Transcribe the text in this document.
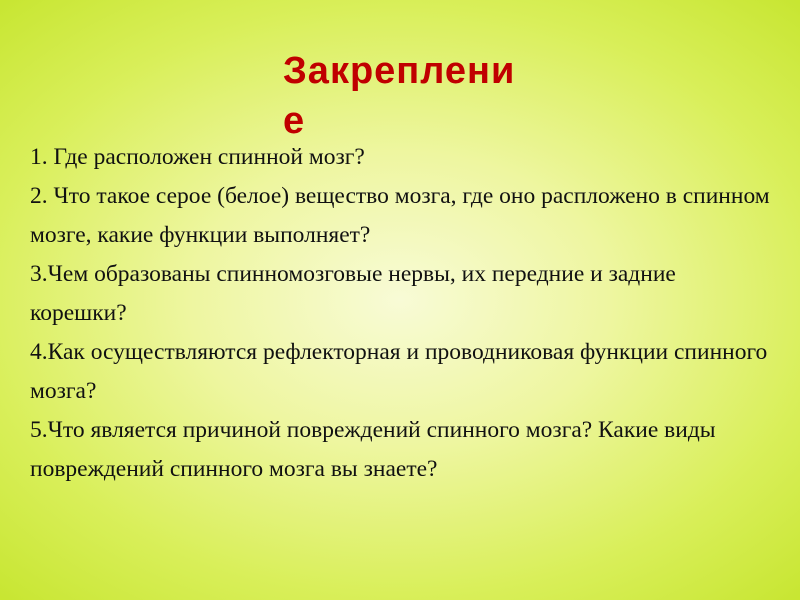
Закрепление
1. Где расположен спинной мозг?
2. Что такое серое (белое) вещество мозга, где оно распложено в спинном мозге, какие функции выполняет?
3.Чем образованы спинномозговые нервы, их передние и задние корешки?
4.Как осуществляются рефлекторная и проводниковая функции спинного мозга?
5.Что является причиной повреждений спинного мозга? Какие виды повреждений спинного мозга вы знаете?
